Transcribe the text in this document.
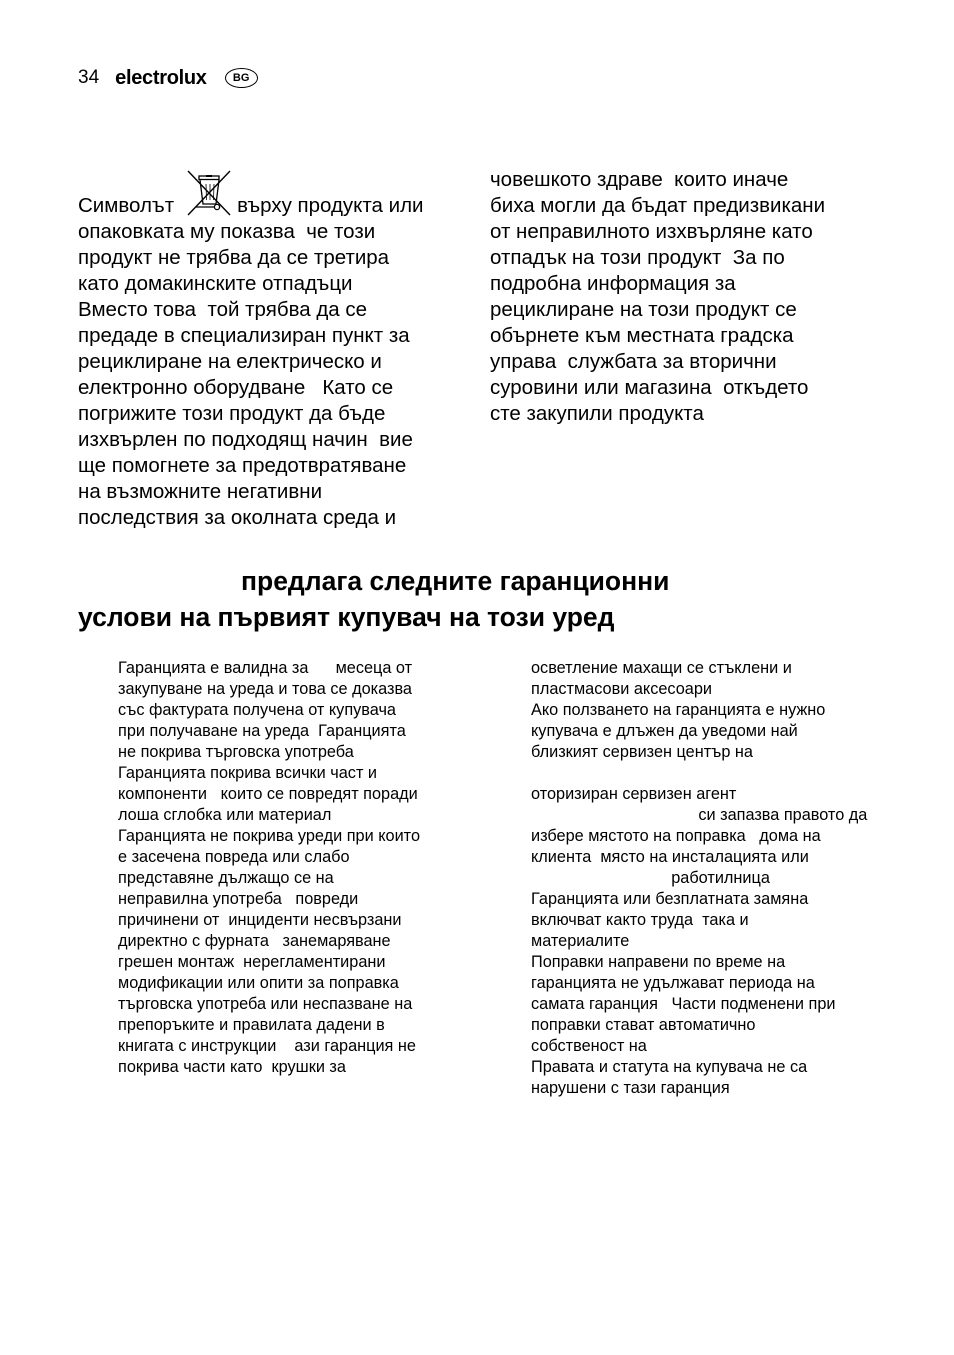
34 electrolux	BG
Символът	върху продукта или
опаковката му показва  че този
продукт не трябва да се третира
като домакинските отпадъци
Вместо това  той трябва да се
предаде в специализиран пункт за
рециклиране на електрическо и
електронно оборудване   Като се
погрижите този продукт да бъде
изхвърлен по подходящ начин  вие
ще помогнете за предотвратяване
на възможните негативни
последствия за околната среда и
човешкото здраве  които иначе
биха могли да бъдат предизвикани
от неправилното изхвърляне като
отпадък на този продукт  За по
подробна информация за
рециклиране на този продукт се
обърнете към местната градска
управа  службата за вторични
суровини или магазина  откъдето
сте закупили продукта
предлага следните гаранционни
услови на първият купувач на този уред
Гаранцията е валидна за      месеца от
закупуване на уреда и това се доказва
със фактурата получена от купувача
при получаване на уреда  Гаранцията
не покрива търговска употреба
Гаранцията покрива всички част и
компоненти   които се повредят поради
лоша сглобка или материал
Гаранцията не покрива уреди при които
е засечена повреда или слабо
представяне дължащо се на
неправилна употреба   повреди
причинени от  инциденти несвързани
директно с фурната   занемаряване
грешен монтаж  нерегламентирани
модификации или опити за поправка
търговска употреба или неспазване на
препоръките и правилата дадени в
книгата с инструкции    ази гаранция не
покрива части като  крушки за
осветление махащи се стъклени и
пластмасови аксесоари
Ако ползването на гаранцията е нужно
купувача е длъжен да уведоми най
близкият сервизен център на

оторизиран сервизен агент
си запазва правото да
избере мястото на поправка   дома на
клиента  място на инсталацията или
работилница
Гаранцията или безплатната замяна
включват както труда  така и
материалите
Поправки направени по време на
гаранцията не удължават периода на
самата гаранция   Части подменени при
поправки стават автоматично
собственост на
Правата и статута на купувача не са
нарушени с тази гаранция
